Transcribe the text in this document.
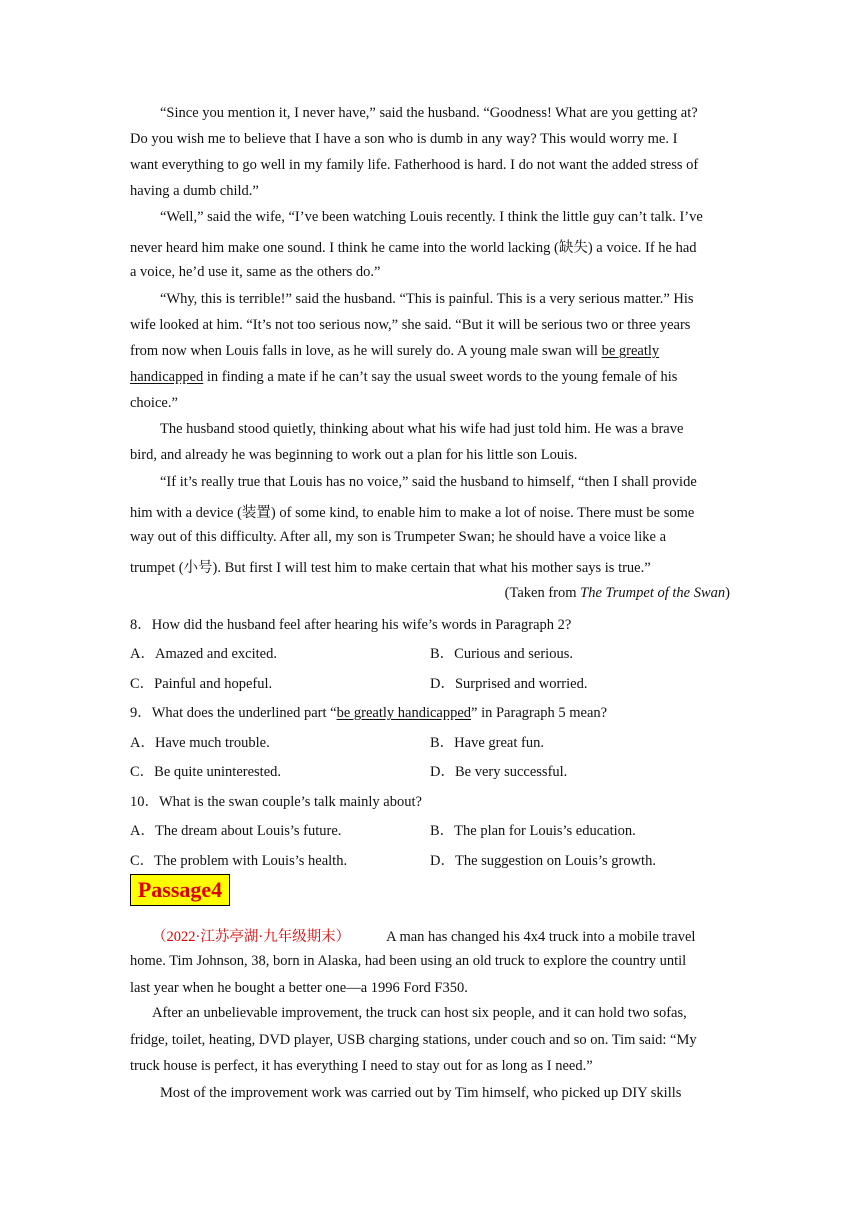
“Since you mention it, I never have,” said the husband. “Goodness! What are you getting at?
Do you wish me to believe that I have a son who is dumb in any way? This would worry me. I
want everything to go well in my family life. Fatherhood is hard. I do not want the added stress of
having a dumb child.”
“Well,” said the wife, “I’ve been watching Louis recently. I think the little guy can’t talk. I’ve
never heard him make one sound. I think he came into the world lacking (缺失) a voice. If he had
a voice, he’d use it, same as the others do.”
“Why, this is terrible!” said the husband. “This is painful. This is a very serious matter.” His
wife looked at him. “It’s not too serious now,” she said. “But it will be serious two or three years
from now when Louis falls in love, as he will surely do. A young male swan will be greatly
handicapped in finding a mate if he can’t say the usual sweet words to the young female of his
choice.”
The husband stood quietly, thinking about what his wife had just told him. He was a brave
bird, and already he was beginning to work out a plan for his little son Louis.
“If it’s really true that Louis has no voice,” said the husband to himself, “then I shall provide
him with a device (装置) of some kind, to enable him to make a lot of noise. There must be some
way out of this difficulty. After all, my son is Trumpeter Swan; he should have a voice like a
trumpet (小号). But first I will test him to make certain that what his mother says is true.”
(Taken from The Trumpet of the Swan)
8．How did the husband feel after hearing his wife’s words in Paragraph 2?
A．Amazed and excited.	B．Curious and serious.
C．Painful and hopeful.	D．Surprised and worried.
9．What does the underlined part “be greatly handicapped” in Paragraph 5 mean?
A．Have much trouble.	B．Have great fun.
C．Be quite uninterested.	D．Be very successful.
10．What is the swan couple’s talk mainly about?
A．The dream about Louis’s future.	B．The plan for Louis’s education.
C．The problem with Louis’s health.	D．The suggestion on Louis’s growth.
Passage4
（2022·江苏亭湖·九年级期末） A man has changed his 4x4 truck into a mobile travel
home. Tim Johnson, 38, born in Alaska, had been using an old truck to explore the country until
last year when he bought a better one—a 1996 Ford F350.
After an unbelievable improvement, the truck can host six people, and it can hold two sofas,
fridge, toilet, heating, DVD player, USB charging stations, under couch and so on. Tim said: “My
truck house is perfect, it has everything I need to stay out for as long as I need.”
Most of the improvement work was carried out by Tim himself, who picked up DIY skills
